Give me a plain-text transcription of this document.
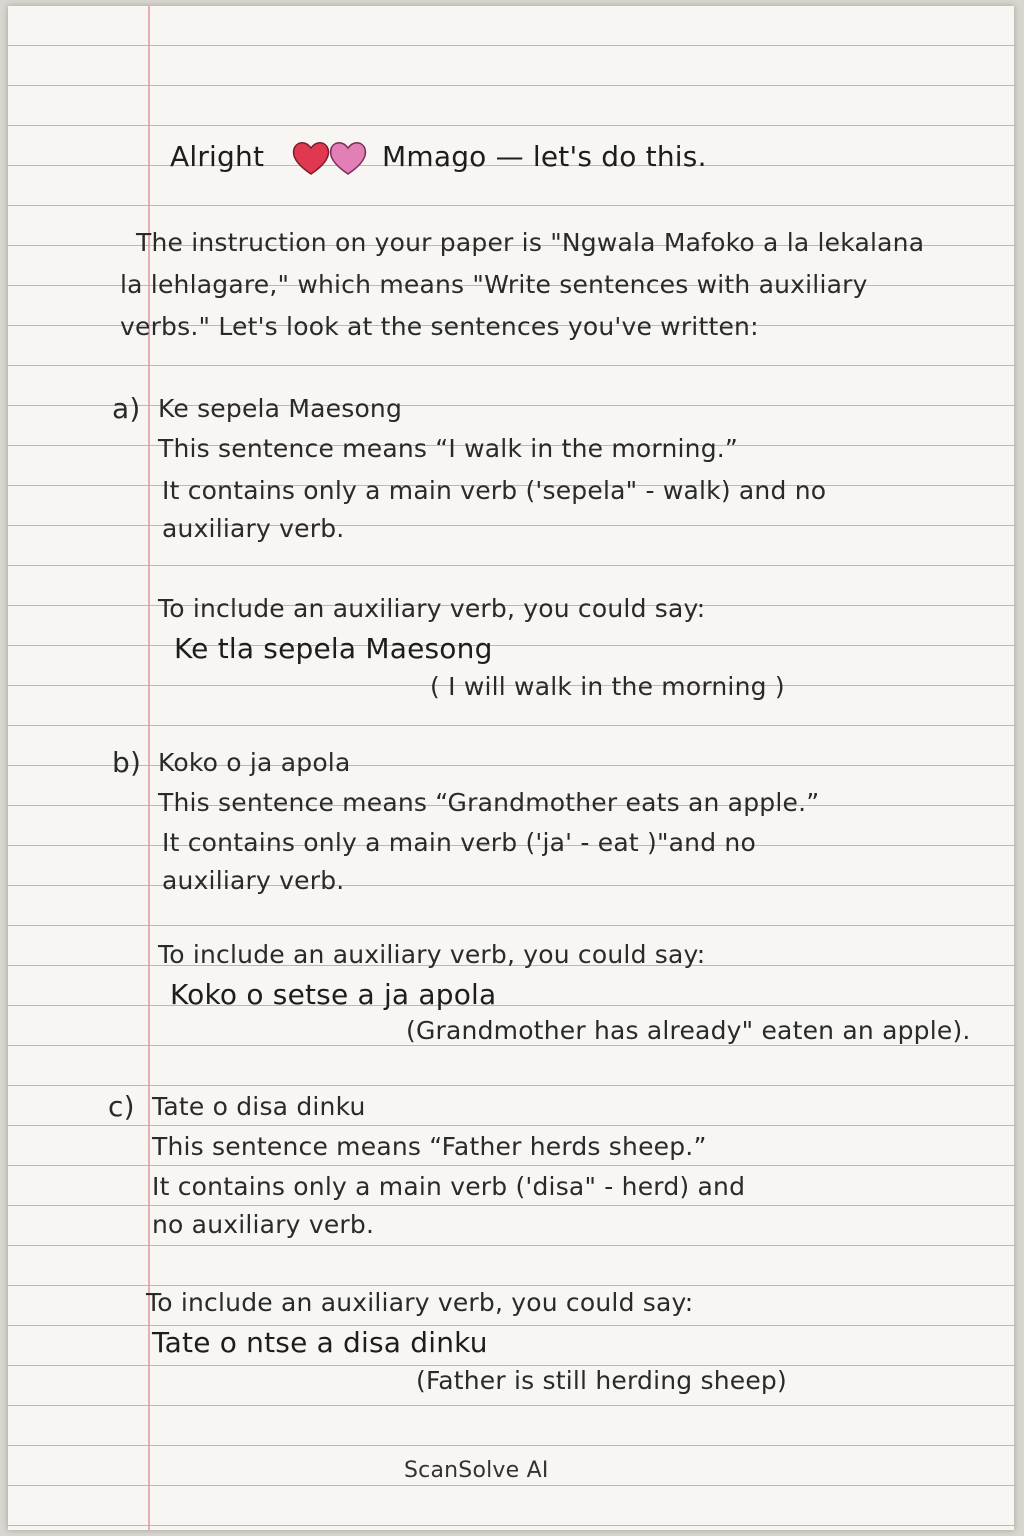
Alright	Mmago — let's do this.
The instruction on your paper is "Ngwala Mafoko a la lekalana
la lehlagare," which means "Write sentences with auxiliary
verbs." Let's look at the sentences you've written:
a) Ke sepela Maesong
This sentence means “I walk in the morning.”
It contains only a main verb ('sepela" - walk) and no
auxiliary verb.
To include an auxiliary verb, you could say:
Ke tla sepela Maesong
( I will walk in the morning )
b) Koko o ja apola
This sentence means “Grandmother eats an apple.”
It contains only a main verb ('ja' - eat )"and no
auxiliary verb.
To include an auxiliary verb, you could say:
Koko o setse a ja apola
(Grandmother has already" eaten an apple).
c) Tate o disa dinku
This sentence means “Father herds sheep.”
It contains only a main verb ('disa" - herd) and
no auxiliary verb.
To include an auxiliary verb, you could say:
Tate o ntse a disa dinku
(Father is still herding sheep)
ScanSolve AI
